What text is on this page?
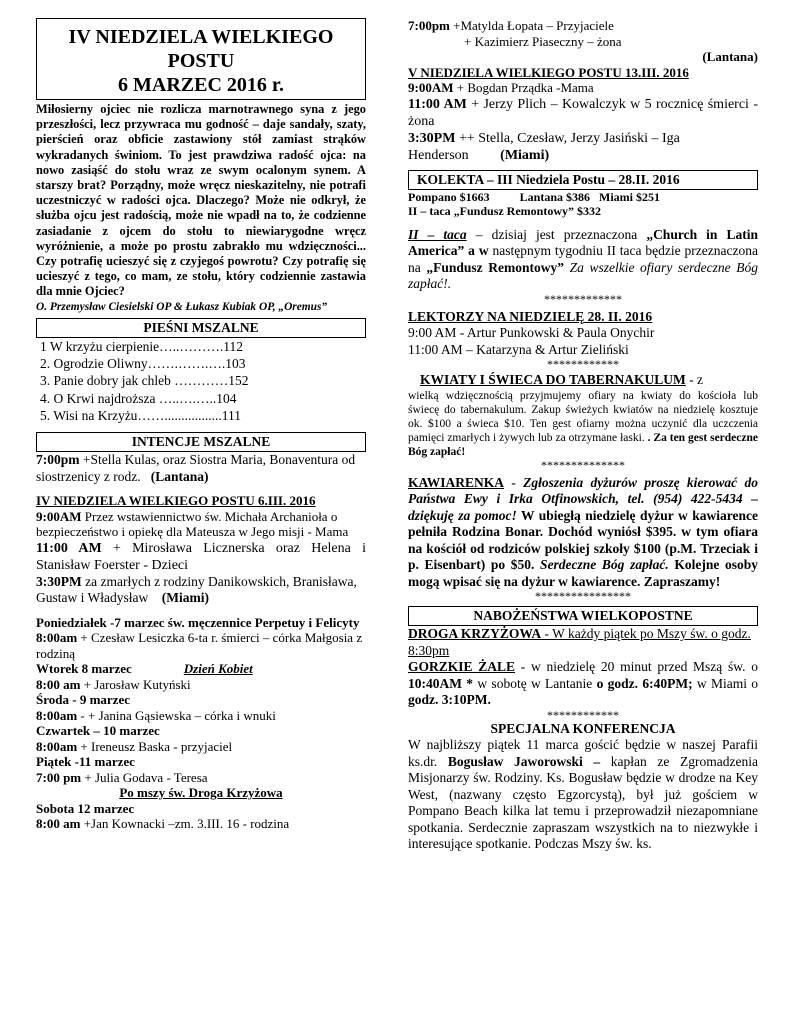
IV NIEDZIELA WIELKIEGO
POSTU
6 MARZEC 2016 r.

Miłosierny ojciec nie rozlicza marnotrawnego syna z jego przeszłości, lecz przywraca mu godność – daje sandały, szaty, pierścień oraz obficie zastawiony stół zamiast strąków wykradanych świniom. To jest prawdziwa radość ojca: na nowo zasiąść do stołu wraz ze swym ocalonym synem. A starszy brat? Porządny, może wręcz nieskazitelny, nie potrafi uczestniczyć w radości ojca. Dlaczego? Może nie odkrył, że służba ojcu jest radością, może nie wpadł na to, że codzienne zasiadanie z ojcem do stołu to niewiarygodne wręcz wyróżnienie, a może po prostu zabrakło mu wdzięczności... Czy potrafię ucieszyć się z czyjegoś powrotu? Czy potrafię się ucieszyć z tego, co mam, ze stołu, który codziennie zastawia dla mnie Ojciec?

O. Przemysław Ciesielski OP & Łukasz Kubiak OP, „Oremus”

PIEŚNI MSZALNE

1 W krzyżu cierpienie…..……….112

2. Ogrodzie Oliwny…….…….….103

3. Panie dobry jak chleb …………152

4. O Krwi najdroższa …..….…..104

5. Wisi na Krzyżu…….................111

INTENCJE MSZALNE

7:00pm +Stella Kulas, oraz Siostra Maria, Bonaventura od siostrzenicy z rodz. (Lantana)

IV NIEDZIELA WIELKIEGO POSTU 6.III. 2016

9:00AM Przez wstawiennictwo św. Michała Archanioła o bezpieczeństwo i opiekę dla Mateusza w Jego misji - Mama

11:00 AM + Mirosława Licznerska oraz Helena i Stanisław Foerster - Dzieci

3:30PM za zmarłych z rodziny Danikowskich, Branisława, Gustaw i Władysław (Miami)

Poniedziałek -7 marzec św. męczennice Perpetuy i Felicyty

8:00am + Czesław Lesiczka 6-ta r. śmierci – córka Małgosia z rodziną

Wtorek 8 marzec	Dzień Kobiet

8:00 am + Jarosław Kutyński

Środa - 9 marzec

8:00am - + Janina Gąsiewska – córka i wnuki

Czwartek – 10 marzec

8:00am + Ireneusz Baska - przyjaciel

Piątek -11 marzec

7:00 pm + Julia Godava - Teresa

Po mszy św. Droga Krzyżowa

Sobota 12 marzec

8:00 am +Jan Kownacki –zm. 3.III. 16 - rodzina

7:00pm +Matylda Łopata – Przyjaciele

+ Kazimierz Piaseczny – żona

(Lantana)

V NIEDZIELA WIELKIEGO POSTU 13.III. 2016

9:00AM + Bogdan Prządka -Mama

11:00 AM + Jerzy Plich – Kowalczyk w 5 rocznicę śmierci - żona

3:30PM ++ Stella, Czesław, Jerzy Jasiński – Iga Henderson (Miami)

KOLEKTA – III Niedziela Postu – 28.II. 2016

Pompano $1663          Lantana $386   Miami $251

II – taca „Fundusz Remontowy” $332

II – taca – dzisiaj jest przeznaczona „Church in Latin America” a w następnym tygodniu II taca będzie przeznaczona na „Fundusz Remontowy” Za wszelkie ofiary serdeczne Bóg zapłać!.

*************

LEKTORZY NA NIEDZIELĘ 28. II. 2016

9:00 AM - Artur Punkowski & Paula Onychir

11:00 AM – Katarzyna & Artur Zieliński

************

KWIATY I ŚWIECA DO TABERNAKULUM - z

wielką wdzięcznością przyjmujemy ofiary na kwiaty do kościoła lub świecę do tabernakulum. Zakup świeżych kwiatów na niedzielę kosztuje ok. $100 a świeca $10. Ten gest ofiarny można uczynić dla uczczenia pamięci zmarłych i żywych lub za otrzymane łaski. . Za ten gest serdeczne Bóg zapłać!

**************

KAWIARENKA - Zgłoszenia dyżurów proszę kierować do Państwa Ewy i Irka Otfinowskich, tel. (954) 422-5434 – dziękuję za pomoc! W ubiegłą niedzielę dyżur w kawiarence pełniła Rodzina Bonar. Dochód wyniósł $395. w tym ofiara na kościół od rodziców polskiej szkoły $100 (p.M. Trzeciak i p. Eisenbart) po $50. Serdeczne Bóg zapłać. Kolejne osoby mogą wpisać się na dyżur w kawiarence. Zapraszamy!

****************

NABOŻEŃSTWA WIELKOPOSTNE

DROGA KRZYŻOWA - W każdy piątek po Mszy św. o godz. 8:30pm

GORZKIE ŻALE - w niedzielę 20 minut przed Mszą św. o 10:40AM * w sobotę w Lantanie o godz. 6:40PM; w Miami o godz. 3:10PM.

************

SPECJALNA KONFERENCJA

W najbliższy piątek 11 marca gościć będzie w naszej Parafii ks.dr. Bogusław Jaworowski – kapłan ze Zgromadzenia Misjonarzy św. Rodziny. Ks. Bogusław będzie w drodze na Key West, (nazwany często Egzorcystą), był już gościem w Pompano Beach kilka lat temu i przeprowadził niezapomniane spotkania. Serdecznie zapraszam wszystkich na to niezwykłe i interesujące spotkanie. Podczas Mszy św. ks.
